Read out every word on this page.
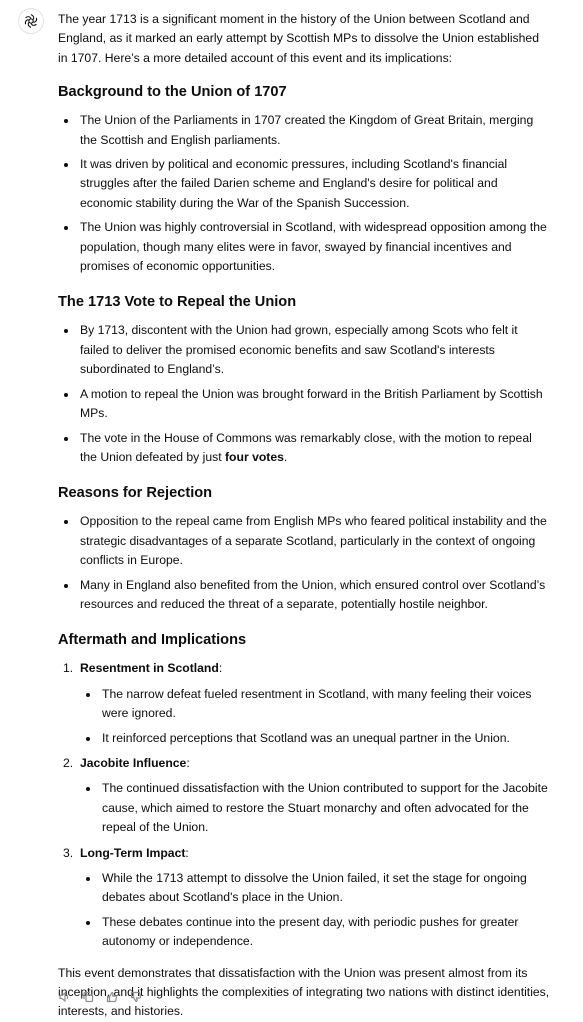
The year 1713 is a significant moment in the history of the Union between Scotland and England, as it marked an early attempt by Scottish MPs to dissolve the Union established in 1707. Here’s a more detailed account of this event and its implications:

Background to the Union of 1707
The Union of the Parliaments in 1707 created the Kingdom of Great Britain, merging the Scottish and English parliaments.
It was driven by political and economic pressures, including Scotland's financial struggles after the failed Darien scheme and England's desire for political and economic stability during the War of the Spanish Succession.
The Union was highly controversial in Scotland, with widespread opposition among the population, though many elites were in favor, swayed by financial incentives and promises of economic opportunities.
The 1713 Vote to Repeal the Union
By 1713, discontent with the Union had grown, especially among Scots who felt it failed to deliver the promised economic benefits and saw Scotland's interests subordinated to England’s.
A motion to repeal the Union was brought forward in the British Parliament by Scottish MPs.
The vote in the House of Commons was remarkably close, with the motion to repeal the Union defeated by just four votes.
Reasons for Rejection
Opposition to the repeal came from English MPs who feared political instability and the strategic disadvantages of a separate Scotland, particularly in the context of ongoing conflicts in Europe.
Many in England also benefited from the Union, which ensured control over Scotland’s resources and reduced the threat of a separate, potentially hostile neighbor.
Aftermath and Implications
1. Resentment in Scotland:
The narrow defeat fueled resentment in Scotland, with many feeling their voices were ignored.
It reinforced perceptions that Scotland was an unequal partner in the Union.
2. Jacobite Influence:
The continued dissatisfaction with the Union contributed to support for the Jacobite cause, which aimed to restore the Stuart monarchy and often advocated for the repeal of the Union.
3. Long-Term Impact:
While the 1713 attempt to dissolve the Union failed, it set the stage for ongoing debates about Scotland's place in the Union.
These debates continue into the present day, with periodic pushes for greater autonomy or independence.

This event demonstrates that dissatisfaction with the Union was present almost from its inception, and it highlights the complexities of integrating two nations with distinct identities, interests, and histories.
